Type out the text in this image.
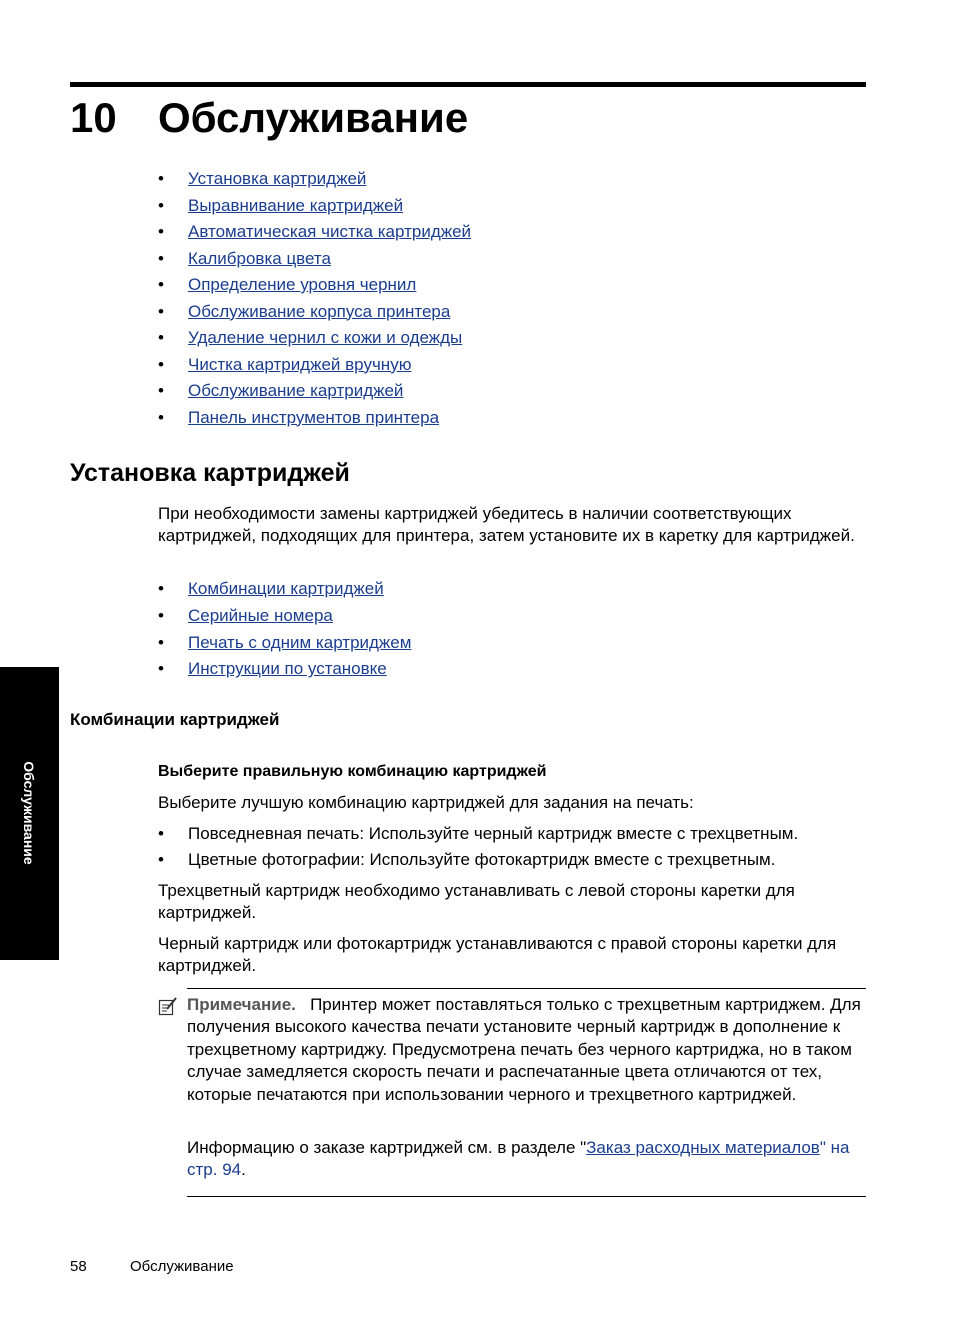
10 Обслуживание
• Установка картриджей
• Выравнивание картриджей
• Автоматическая чистка картриджей
• Калибровка цвета
• Определение уровня чернил
• Обслуживание корпуса принтера
• Удаление чернил с кожи и одежды
• Чистка картриджей вручную
• Обслуживание картриджей
• Панель инструментов принтера
Установка картриджей

При необходимости замены картриджей убедитесь в наличии соответствующих картриджей, подходящих для принтера, затем установите их в каретку для картриджей.

• Комбинации картриджей
• Серийные номера
• Печать с одним картриджем
• Инструкции по установке
Комбинации картриджей
Выберите правильную комбинацию картриджей

Выберите лучшую комбинацию картриджей для задания на печать:

• Повседневная печать: Используйте черный картридж вместе с трехцветным.
• Цветные фотографии: Используйте фотокартридж вместе с трехцветным.

Трехцветный картридж необходимо устанавливать с левой стороны каретки для картриджей.

Черный картридж или фотокартридж устанавливаются с правой стороны каретки для картриджей.

Примечание. Принтер может поставляться только с трехцветным картриджем. Для получения высокого качества печати установите черный картридж в дополнение к трехцветному картриджу. Предусмотрена печать без черного картриджа, но в таком случае замедляется скорость печати и распечатанные цвета отличаются от тех, которые печатаются при использовании черного и трехцветного картриджей.

Информацию о заказе картриджей см. в разделе "Заказ расходных материалов" на стр. 94.

Обслуживание
58	Обслуживание
